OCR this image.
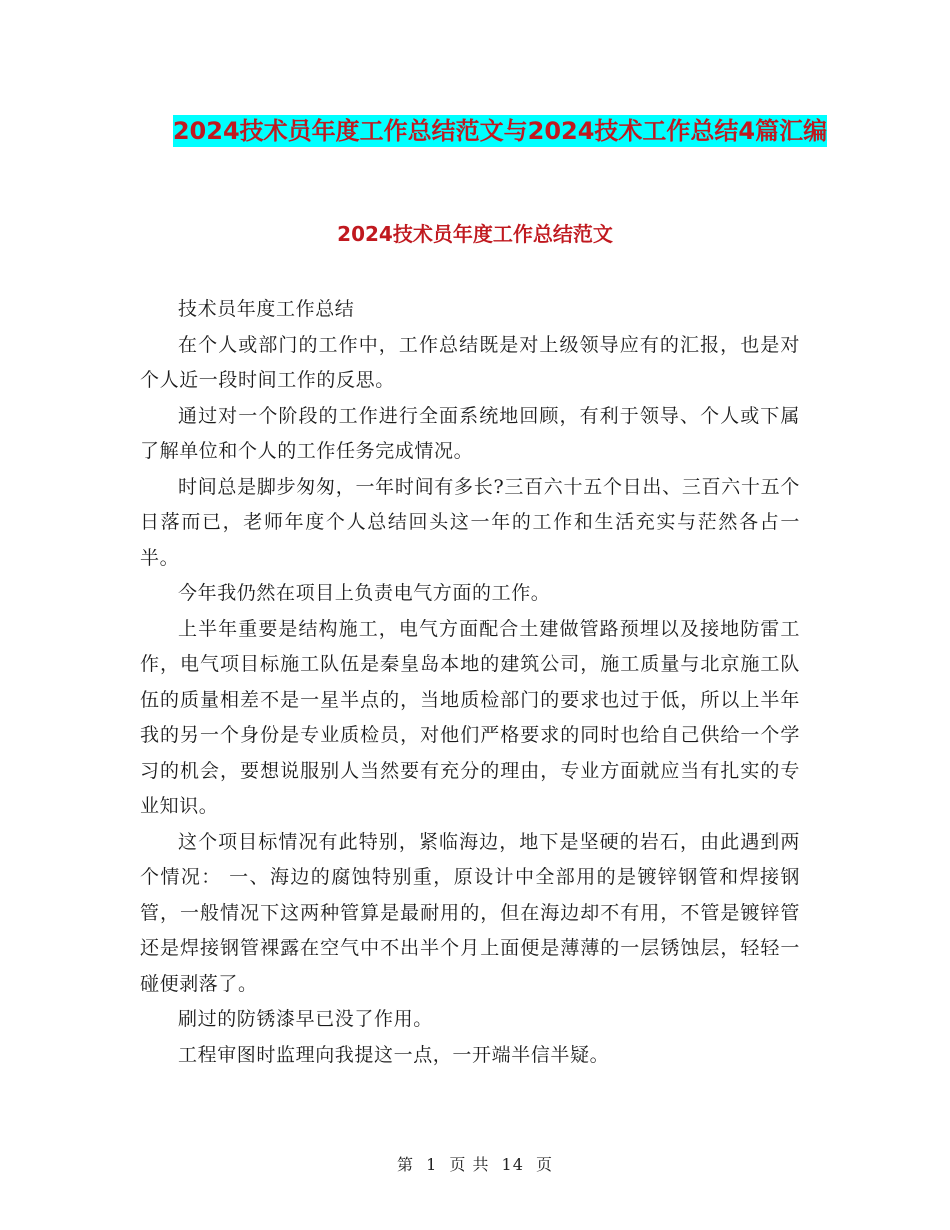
2024技术员年度工作总结范文与2024技术工作总结4篇汇编
2024技术员年度工作总结范文

技术员年度工作总结

在个人或部门的工作中，工作总结既是对上级领导应有的汇报，也是对个人近一段时间工作的反思。

通过对一个阶段的工作进行全面系统地回顾，有利于领导、个人或下属了解单位和个人的工作任务完成情况。

时间总是脚步匆匆，一年时间有多长?三百六十五个日出、三百六十五个日落而已，老师年度个人总结回头这一年的工作和生活充实与茫然各占一半。

今年我仍然在项目上负责电气方面的工作。

上半年重要是结构施工，电气方面配合土建做管路预埋以及接地防雷工作，电气项目标施工队伍是秦皇岛本地的建筑公司，施工质量与北京施工队伍的质量相差不是一星半点的，当地质检部门的要求也过于低，所以上半年我的另一个身份是专业质检员，对他们严格要求的同时也给自己供给一个学习的机会，要想说服别人当然要有充分的理由，专业方面就应当有扎实的专业知识。

这个项目标情况有此特别，紧临海边，地下是坚硬的岩石，由此遇到两个情况： 一、海边的腐蚀特别重，原设计中全部用的是镀锌钢管和焊接钢管，一般情况下这两种管算是最耐用的，但在海边却不有用，不管是镀锌管还是焊接钢管裸露在空气中不出半个月上面便是薄薄的一层锈蚀层，轻轻一碰便剥落了。

刷过的防锈漆早已没了作用。

工程审图时监理向我提这一点，一开端半信半疑。

第 1 页 共 14 页
